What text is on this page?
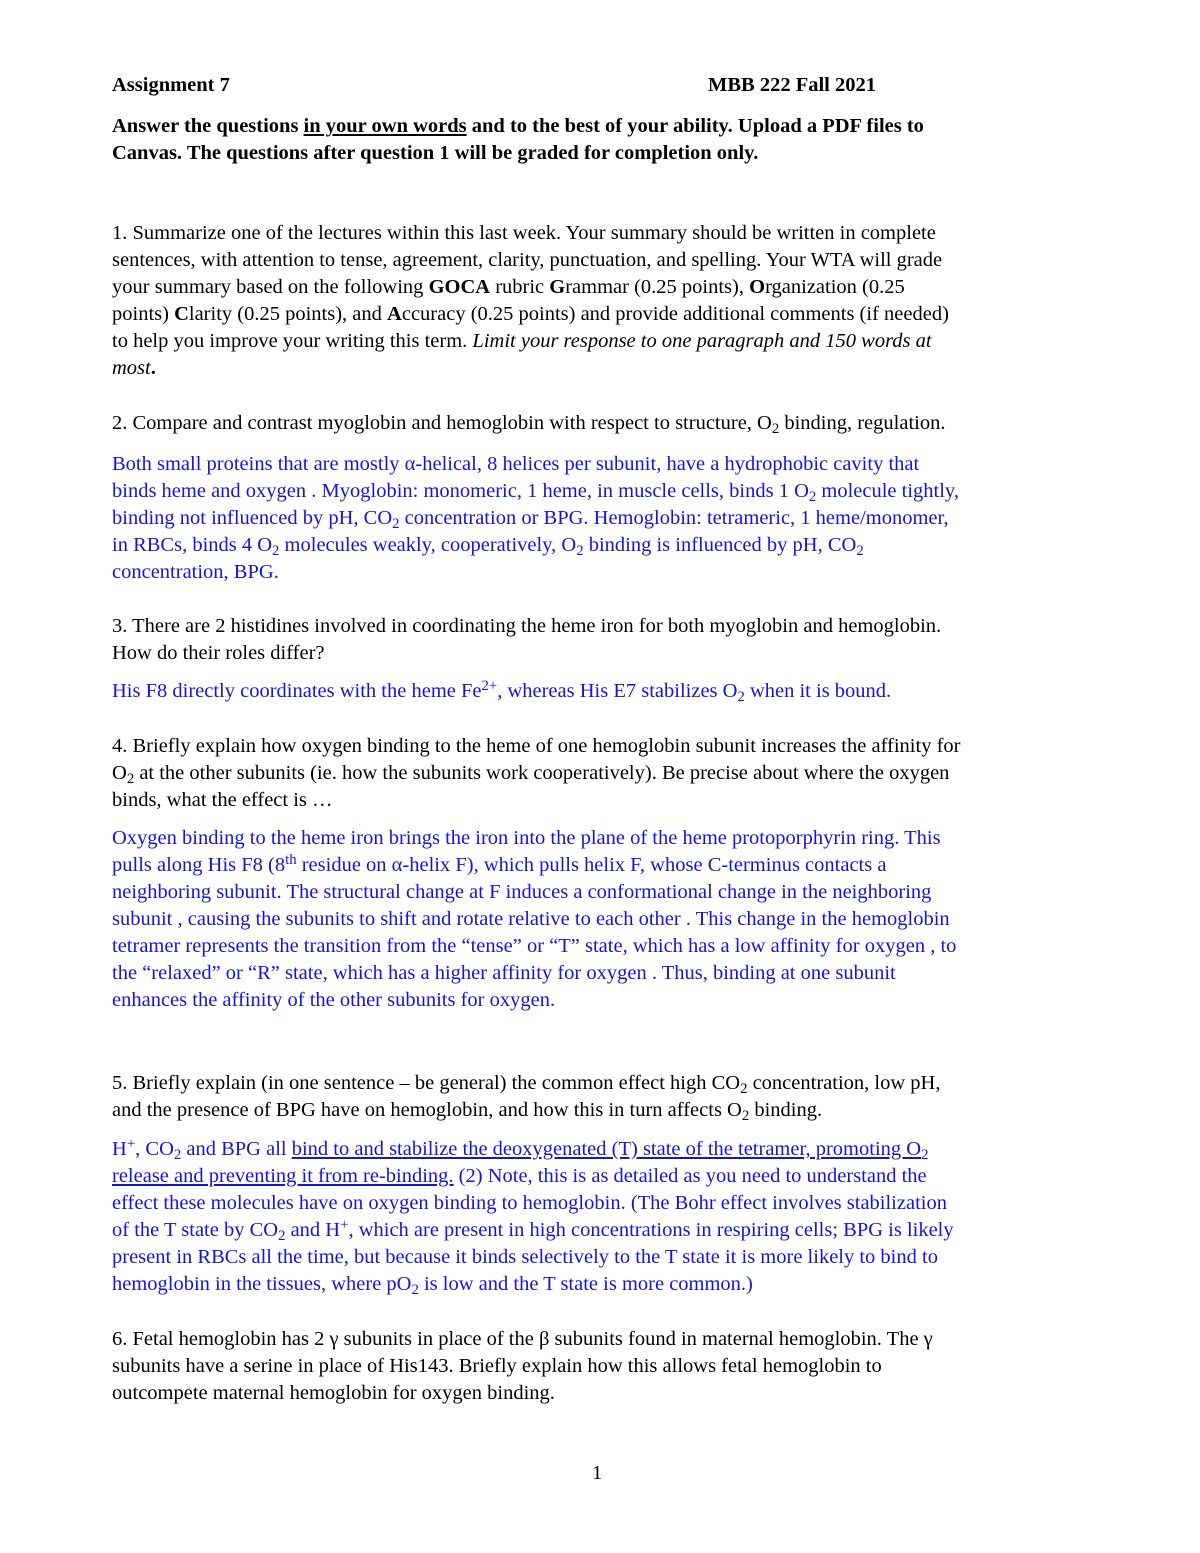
Assignment 7	MBB 222 Fall 2021
Answer the questions in your own words and to the best of your ability. Upload a PDF files to
Canvas. The questions after question 1 will be graded for completion only.
1. Summarize one of the lectures within this last week. Your summary should be written in complete
sentences, with attention to tense, agreement, clarity, punctuation, and spelling. Your WTA will grade
your summary based on the following GOCA rubric Grammar (0.25 points), Organization (0.25
points) Clarity (0.25 points), and Accuracy (0.25 points) and provide additional comments (if needed)
to help you improve your writing this term. Limit your response to one paragraph and 150 words at
most.
2. Compare and contrast myoglobin and hemoglobin with respect to structure, $O_2$ binding, regulation.
Both small proteins that are mostly α-helical, 8 helices per subunit, have a hydrophobic cavity that
binds heme and oxygen . Myoglobin: monomeric, 1 heme, in muscle cells, binds 1 $O_2$ molecule tightly,
binding not influenced by pH, $CO_2$ concentration or BPG. Hemoglobin: tetrameric, 1 heme/monomer,
in RBCs, binds 4 $O_2$ molecules weakly, cooperatively, $O_2$ binding is influenced by pH, $CO_2$
concentration, BPG.
3. There are 2 histidines involved in coordinating the heme iron for both myoglobin and hemoglobin.
How do their roles differ?
His F8 directly coordinates with the heme $Fe^{2+}$, whereas His E7 stabilizes $O_2$ when it is bound.
4. Briefly explain how oxygen binding to the heme of one hemoglobin subunit increases the affinity for
$O_2$ at the other subunits (ie. how the subunits work cooperatively). Be precise about where the oxygen
binds, what the effect is …
Oxygen binding to the heme iron brings the iron into the plane of the heme protoporphyrin ring. This
pulls along His F8 (8th residue on α-helix F), which pulls helix F, whose C-terminus contacts a
neighboring subunit. The structural change at F induces a conformational change in the neighboring
subunit , causing the subunits to shift and rotate relative to each other . This change in the hemoglobin
tetramer represents the transition from the “tense” or “T” state, which has a low affinity for oxygen , to
the “relaxed” or “R” state, which has a higher affinity for oxygen . Thus, binding at one subunit
enhances the affinity of the other subunits for oxygen.
5. Briefly explain (in one sentence – be general) the common effect high $CO_2$ concentration, low pH,
and the presence of BPG have on hemoglobin, and how this in turn affects $O_2$ binding.
H+, $CO_2$ and BPG all bind to and stabilize the deoxygenated (T) state of the tetramer, promoting $O_2$
release and preventing it from re-binding. (2) Note, this is as detailed as you need to understand the
effect these molecules have on oxygen binding to hemoglobin. (The Bohr effect involves stabilization
of the T state by $CO_2$ and H+, which are present in high concentrations in respiring cells; BPG is likely
present in RBCs all the time, but because it binds selectively to the T state it is more likely to bind to
hemoglobin in the tissues, where $pO_2$ is low and the T state is more common.)
6. Fetal hemoglobin has 2 γ subunits in place of the β subunits found in maternal hemoglobin. The γ
subunits have a serine in place of His143. Briefly explain how this allows fetal hemoglobin to
outcompete maternal hemoglobin for oxygen binding.
1
